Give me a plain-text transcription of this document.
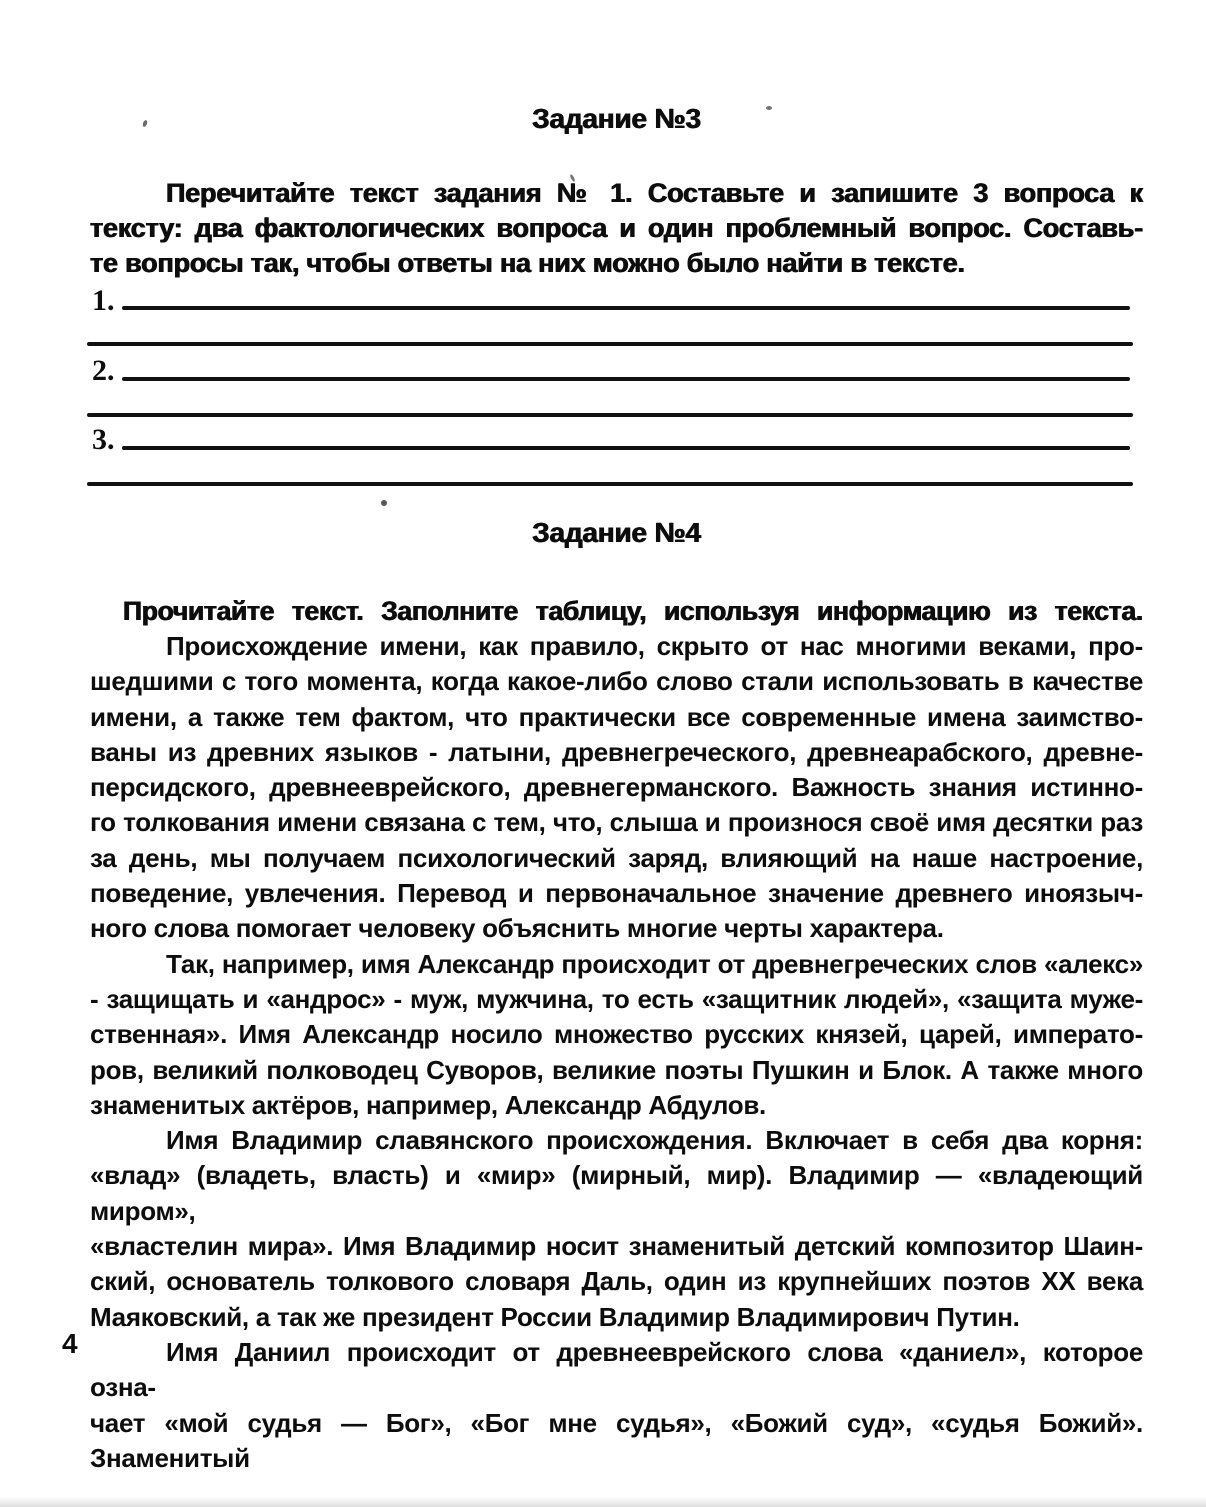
Задание №3
Перечитайте текст задания № 1. Составьте и запишите 3 вопроса к
тексту: два фактологических вопроса и один проблемный вопрос. Составь-
те вопросы так, чтобы ответы на них можно было найти в тексте.
1.
2.
3.
Задание №4
Прочитайте текст. Заполните таблицу, используя информацию из текста.
Происхождение имени, как правило, скрыто от нас многими веками, про-
шедшими с того момента, когда какое-либо слово стали использовать в качестве
имени, а также тем фактом, что практически все современные имена заимство-
ваны из древних языков - латыни, древнегреческого, древнеарабского, древне-
персидского, древнееврейского, древнегерманского. Важность знания истинно-
го толкования имени связана с тем, что, слыша и произнося своё имя десятки раз
за день, мы получаем психологический заряд, влияющий на наше настроение,
поведение, увлечения. Перевод и первоначальное значение древнего иноязыч-
ного слова помогает человеку объяснить многие черты характера.
Так, например, имя Александр происходит от древнегреческих слов «алекс»
- защищать и «андрос» - муж, мужчина, то есть «защитник людей», «защита муже-
ственная». Имя Александр носило множество русских князей, царей, императо-
ров, великий полководец Суворов, великие поэты Пушкин и Блок. А также много
знаменитых актёров, например, Александр Абдулов.
Имя Владимир славянского происхождения. Включает в себя два корня:
«влад» (владеть, власть) и «мир» (мирный, мир). Владимир — «владеющий миром»,
«властелин мира». Имя Владимир носит знаменитый детский композитор Шаин-
ский, основатель толкового словаря Даль, один из крупнейших поэтов ХХ века
Маяковский, а так же президент России Владимир Владимирович Путин.
Имя Даниил происходит от древнееврейского слова «даниел», которое озна-
чает «мой судья — Бог», «Бог мне судья», «Божий суд», «судья Божий». Знаменитый
4
